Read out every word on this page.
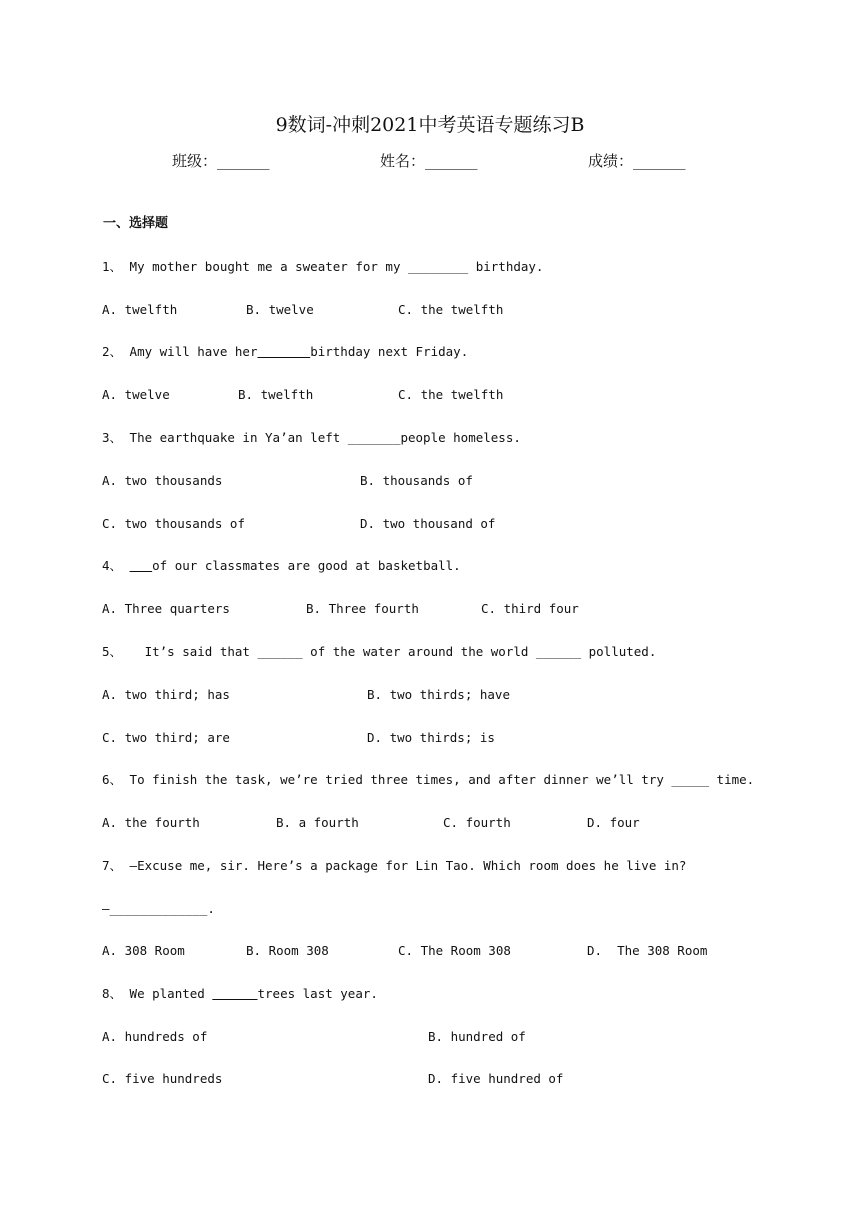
9数词-冲刺2021中考英语专题练习B
班级：_______	姓名：_______	成绩：_______
一、选择题
1、 My mother bought me a sweater for my ________ birthday.
A. twelfth	B. twelve	C. the twelfth
2、 Amy will have her	birthday next Friday.
A. twelve	B. twelfth	C. the twelfth
3、 The earthquake in Ya’an left _______people homeless.
A. two thousands	B. thousands of
C. two thousands of	D. two thousand of
4、    of our classmates are good at basketball.
A. Three quarters	B. Three fourth	C. third four
5、   It’s said that ______ of the water around the world ______ polluted.
A. two third; has	B. two thirds; have
C. two third; are	D. two thirds; is
6、 To finish the task, we’re tried three times, and after dinner we’ll try _____ time.
A. the fourth	B. a fourth	C. fourth	D. four
7、 —Excuse me, sir. Here’s a package for Lin Tao. Which room does he live in?
—_____________.
A. 308 Room	B. Room 308	C. The Room 308	D.  The 308 Room
8、 We planted	trees last year.
A. hundreds of	B. hundred of
C. five hundreds	D. five hundred of
